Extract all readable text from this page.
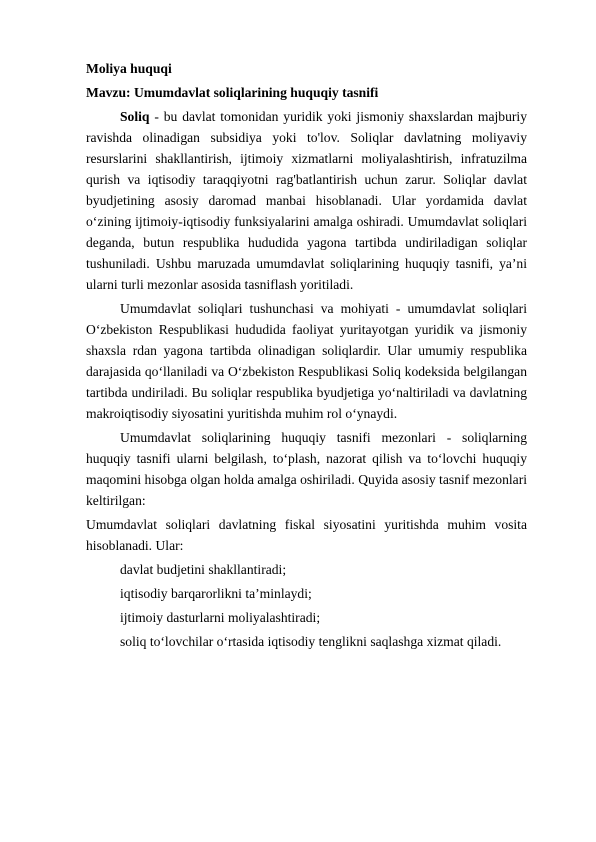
Moliya huquqi
Mavzu: Umumdavlat soliqlarining huquqiy tasnifi

Soliq - bu davlat tomonidan yuridik yoki jismoniy shaxslardan majburiy ravishda olinadigan subsidiya yoki to'lov. Soliqlar davlatning moliyaviy resurslarini shakllantirish, ijtimoiy xizmatlarni moliyalashtirish, infratuzilma qurish va iqtisodiy taraqqiyotni rag'batlantirish uchun zarur. Soliqlar davlat byudjetining asosiy daromad manbai hisoblanadi. Ular yordamida davlat o‘zining ijtimoiy-iqtisodiy funksiyalarini amalga oshiradi. Umumdavlat soliqlari deganda, butun respublika hududida yagona tartibda undiriladigan soliqlar tushuniladi. Ushbu maruzada umumdavlat soliqlarining huquqiy tasnifi, ya’ni ularni turli mezonlar asosida tasniflash yoritiladi.

Umumdavlat soliqlari tushunchasi va mohiyati - umumdavlat soliqlari O‘zbekiston Respublikasi hududida faoliyat yuritayotgan yuridik va jismoniy shaxsla rdan yagona tartibda olinadigan soliqlardir. Ular umumiy respublika darajasida qo‘llaniladi va O‘zbekiston Respublikasi Soliq kodeksida belgilangan tartibda undiriladi. Bu soliqlar respublika byudjetiga yo‘naltiriladi va davlatning makroiqtisodiy siyosatini yuritishda muhim rol o‘ynaydi.

Umumdavlat soliqlarining huquqiy tasnifi mezonlari - soliqlarning huquqiy tasnifi ularni belgilash, to‘plash, nazorat qilish va to‘lovchi huquqiy maqomini hisobga olgan holda amalga oshiriladi. Quyida asosiy tasnif mezonlari keltirilgan:

Umumdavlat soliqlari davlatning fiskal siyosatini yuritishda muhim vosita hisoblanadi. Ular:

davlat budjetini shakllantiradi;
iqtisodiy barqarorlikni ta’minlaydi;
ijtimoiy dasturlarni moliyalashtiradi;
soliq to‘lovchilar o‘rtasida iqtisodiy tenglikni saqlashga xizmat qiladi.
